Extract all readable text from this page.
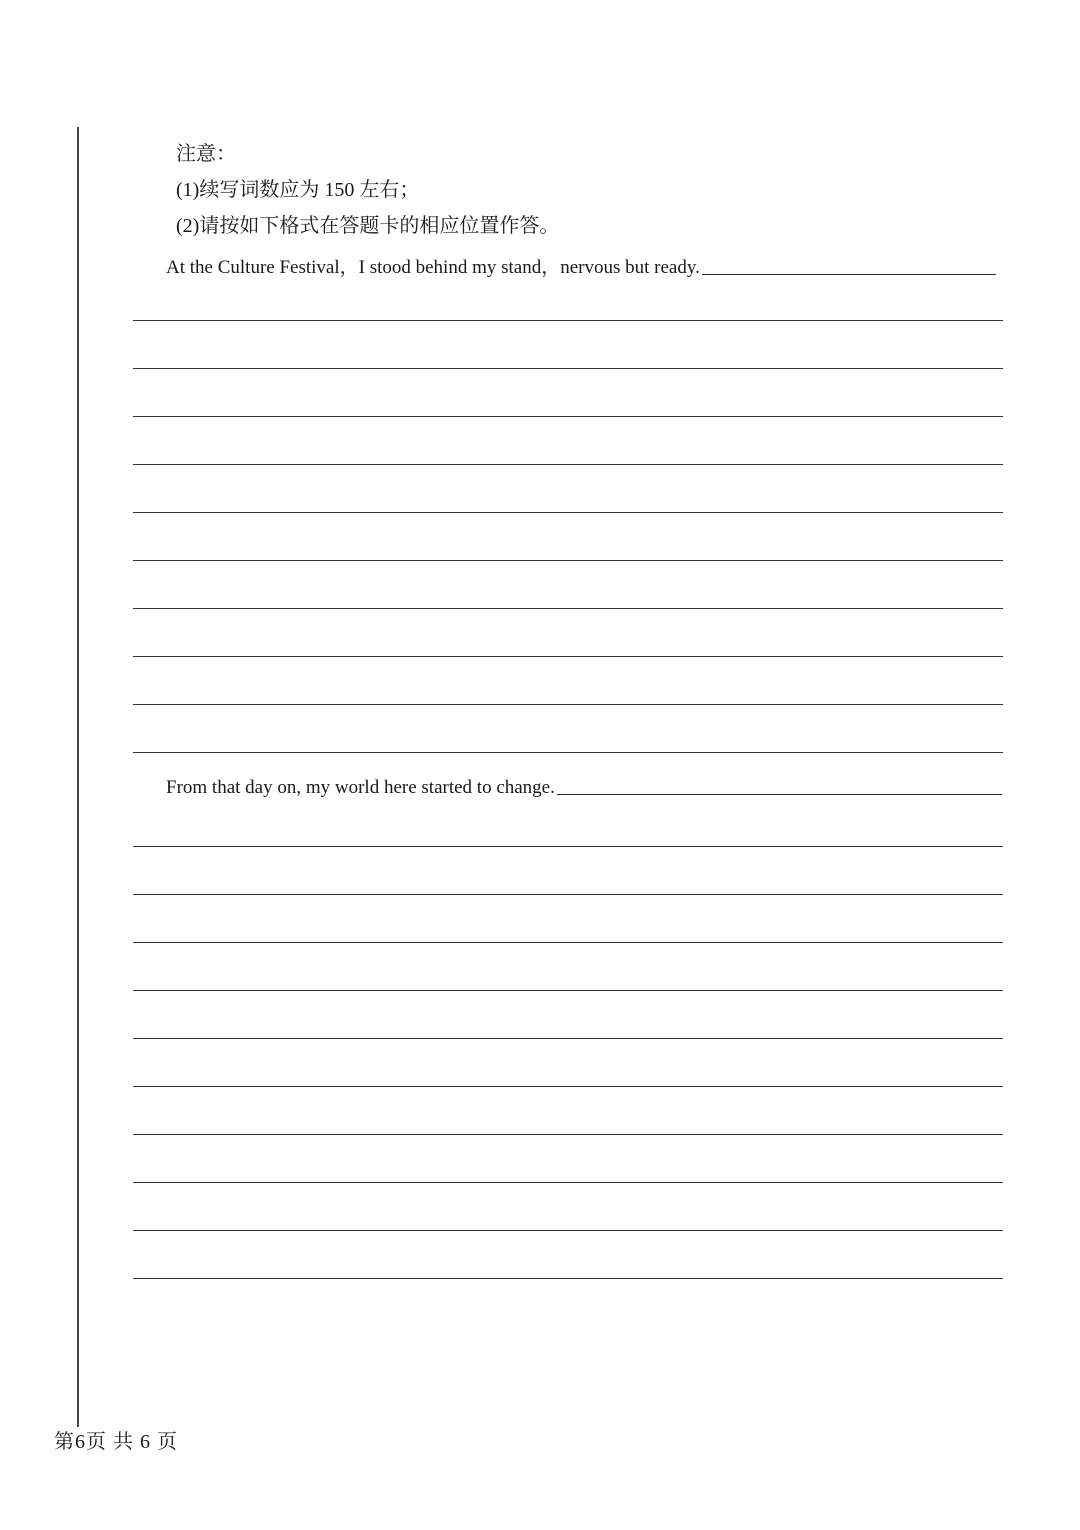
注意：
(1)续写词数应为 150 左右；
(2)请按如下格式在答题卡的相应位置作答。
At the Culture Festival，I stood behind my stand，nervous but ready.
From that day on, my world here started to change.
第6页 共 6 页
